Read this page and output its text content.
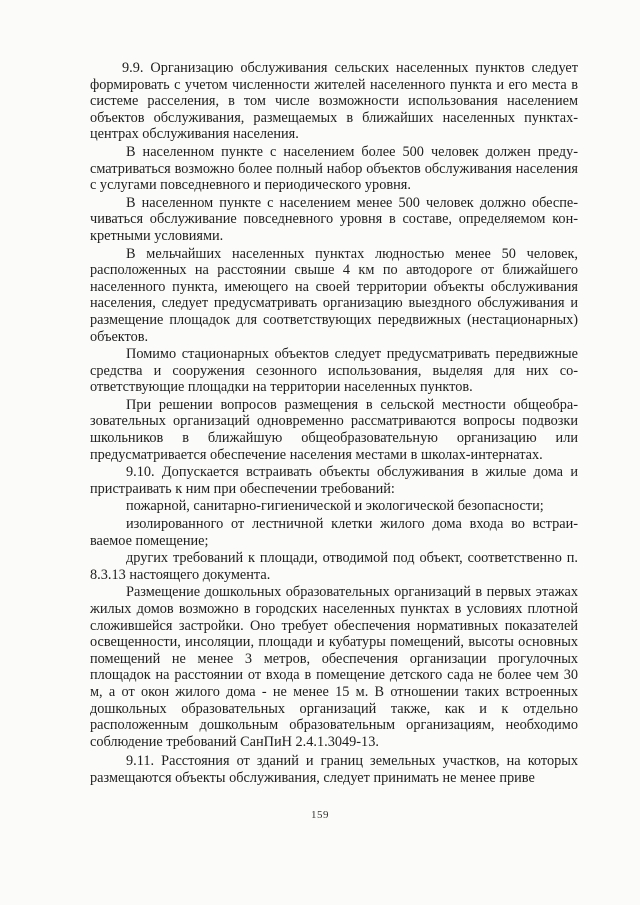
9.9. Организацию обслуживания сельских населенных пунктов следует формировать с учетом численности жителей населенного пункта и его места в системе расселения, в том числе возможности использования населением объектов обслуживания, размещаемых в ближайших населенных пунктах-центрах обслуживания населения.

В населенном пункте с населением более 500 человек должен предусматриваться возможно более полный набор объектов обслуживания населения с услугами повседневного и периодического уровня.

В населенном пункте с населением менее 500 человек должно обеспечиваться обслуживание повседневного уровня в составе, определяемом конкретными условиями.

В мельчайших населенных пунктах людностью менее 50 человек, расположенных на расстоянии свыше 4 км по автодороге от ближайшего населенного пункта, имеющего на своей территории объекты обслуживания населения, следует предусматривать организацию выездного обслуживания и размещение площадок для соответствующих передвижных (нестационарных) объектов.

Помимо стационарных объектов следует предусматривать передвижные средства и сооружения сезонного использования, выделяя для них соответствующие площадки на территории населенных пунктов.

При решении вопросов размещения в сельской местности общеобразовательных организаций одновременно рассматриваются вопросы подвозки школьников в ближайшую общеобразовательную организацию или предусматривается обеспечение населения местами в школах-интернатах.

9.10. Допускается встраивать объекты обслуживания в жилые дома и пристраивать к ним при обеспечении требований:

пожарной, санитарно-гигиенической и экологической безопасности;

изолированного от лестничной клетки жилого дома входа во встраиваемое помещение;

других требований к площади, отводимой под объект, соответственно п. 8.3.13 настоящего документа.

Размещение дошкольных образовательных организаций в первых этажах жилых домов возможно в городских населенных пунктах в условиях плотной сложившейся застройки. Оно требует обеспечения нормативных показателей освещенности, инсоляции, площади и кубатуры помещений, высоты основных помещений не менее 3 метров, обеспечения организации прогулочных площадок на расстоянии от входа в помещение детского сада не более чем 30 м, а от окон жилого дома - не менее 15 м. В отношении таких встроенных дошкольных образовательных организаций также, как и к отдельно расположенным дошкольным образовательным организациям, необходимо соблюдение требований СанПиН 2.4.1.3049-13.

9.11. Расстояния от зданий и границ земельных участков, на которых размещаются объекты обслуживания, следует принимать не менее приве

159
